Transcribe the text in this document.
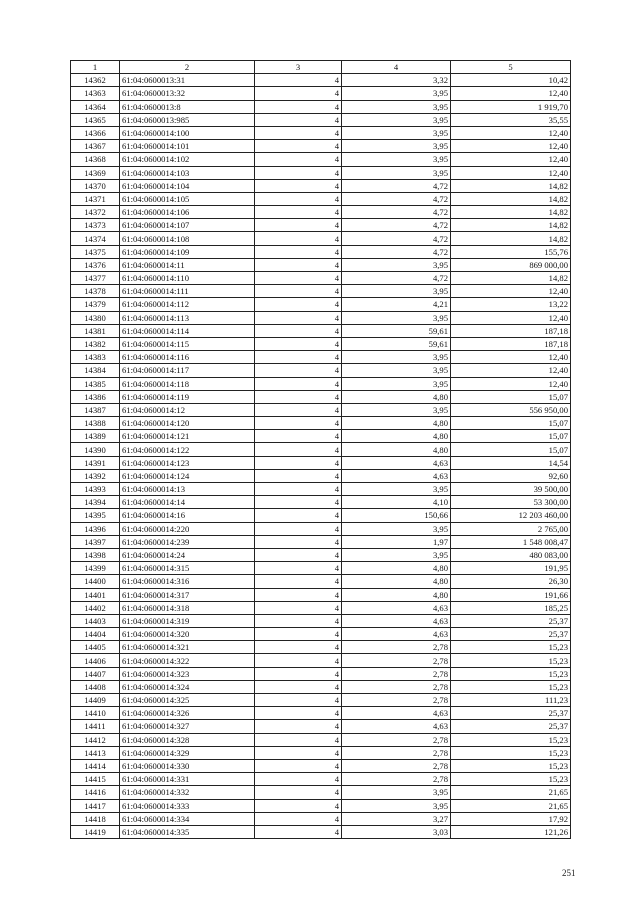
1	2	3	4	5
14362	61:04:0600013:31	4	3,32	10,42
14363	61:04:0600013:32	4	3,95	12,40
14364	61:04:0600013:8	4	3,95	1 919,70
14365	61:04:0600013:985	4	3,95	35,55
14366	61:04:0600014:100	4	3,95	12,40
14367	61:04:0600014:101	4	3,95	12,40
14368	61:04:0600014:102	4	3,95	12,40
14369	61:04:0600014:103	4	3,95	12,40
14370	61:04:0600014:104	4	4,72	14,82
14371	61:04:0600014:105	4	4,72	14,82
14372	61:04:0600014:106	4	4,72	14,82
14373	61:04:0600014:107	4	4,72	14,82
14374	61:04:0600014:108	4	4,72	14,82
14375	61:04:0600014:109	4	4,72	155,76
14376	61:04:0600014:11	4	3,95	869 000,00
14377	61:04:0600014:110	4	4,72	14,82
14378	61:04:0600014:111	4	3,95	12,40
14379	61:04:0600014:112	4	4,21	13,22
14380	61:04:0600014:113	4	3,95	12,40
14381	61:04:0600014:114	4	59,61	187,18
14382	61:04:0600014:115	4	59,61	187,18
14383	61:04:0600014:116	4	3,95	12,40
14384	61:04:0600014:117	4	3,95	12,40
14385	61:04:0600014:118	4	3,95	12,40
14386	61:04:0600014:119	4	4,80	15,07
14387	61:04:0600014:12	4	3,95	556 950,00
14388	61:04:0600014:120	4	4,80	15,07
14389	61:04:0600014:121	4	4,80	15,07
14390	61:04:0600014:122	4	4,80	15,07
14391	61:04:0600014:123	4	4,63	14,54
14392	61:04:0600014:124	4	4,63	92,60
14393	61:04:0600014:13	4	3,95	39 500,00
14394	61:04:0600014:14	4	4,10	53 300,00
14395	61:04:0600014:16	4	150,66	12 203 460,00
14396	61:04:0600014:220	4	3,95	2 765,00
14397	61:04:0600014:239	4	1,97	1 548 008,47
14398	61:04:0600014:24	4	3,95	480 083,00
14399	61:04:0600014:315	4	4,80	191,95
14400	61:04:0600014:316	4	4,80	26,30
14401	61:04:0600014:317	4	4,80	191,66
14402	61:04:0600014:318	4	4,63	185,25
14403	61:04:0600014:319	4	4,63	25,37
14404	61:04:0600014:320	4	4,63	25,37
14405	61:04:0600014:321	4	2,78	15,23
14406	61:04:0600014:322	4	2,78	15,23
14407	61:04:0600014:323	4	2,78	15,23
14408	61:04:0600014:324	4	2,78	15,23
14409	61:04:0600014:325	4	2,78	111,23
14410	61:04:0600014:326	4	4,63	25,37
14411	61:04:0600014:327	4	4,63	25,37
14412	61:04:0600014:328	4	2,78	15,23
14413	61:04:0600014:329	4	2,78	15,23
14414	61:04:0600014:330	4	2,78	15,23
14415	61:04:0600014:331	4	2,78	15,23
14416	61:04:0600014:332	4	3,95	21,65
14417	61:04:0600014:333	4	3,95	21,65
14418	61:04:0600014:334	4	3,27	17,92
14419	61:04:0600014:335	4	3,03	121,26
251
